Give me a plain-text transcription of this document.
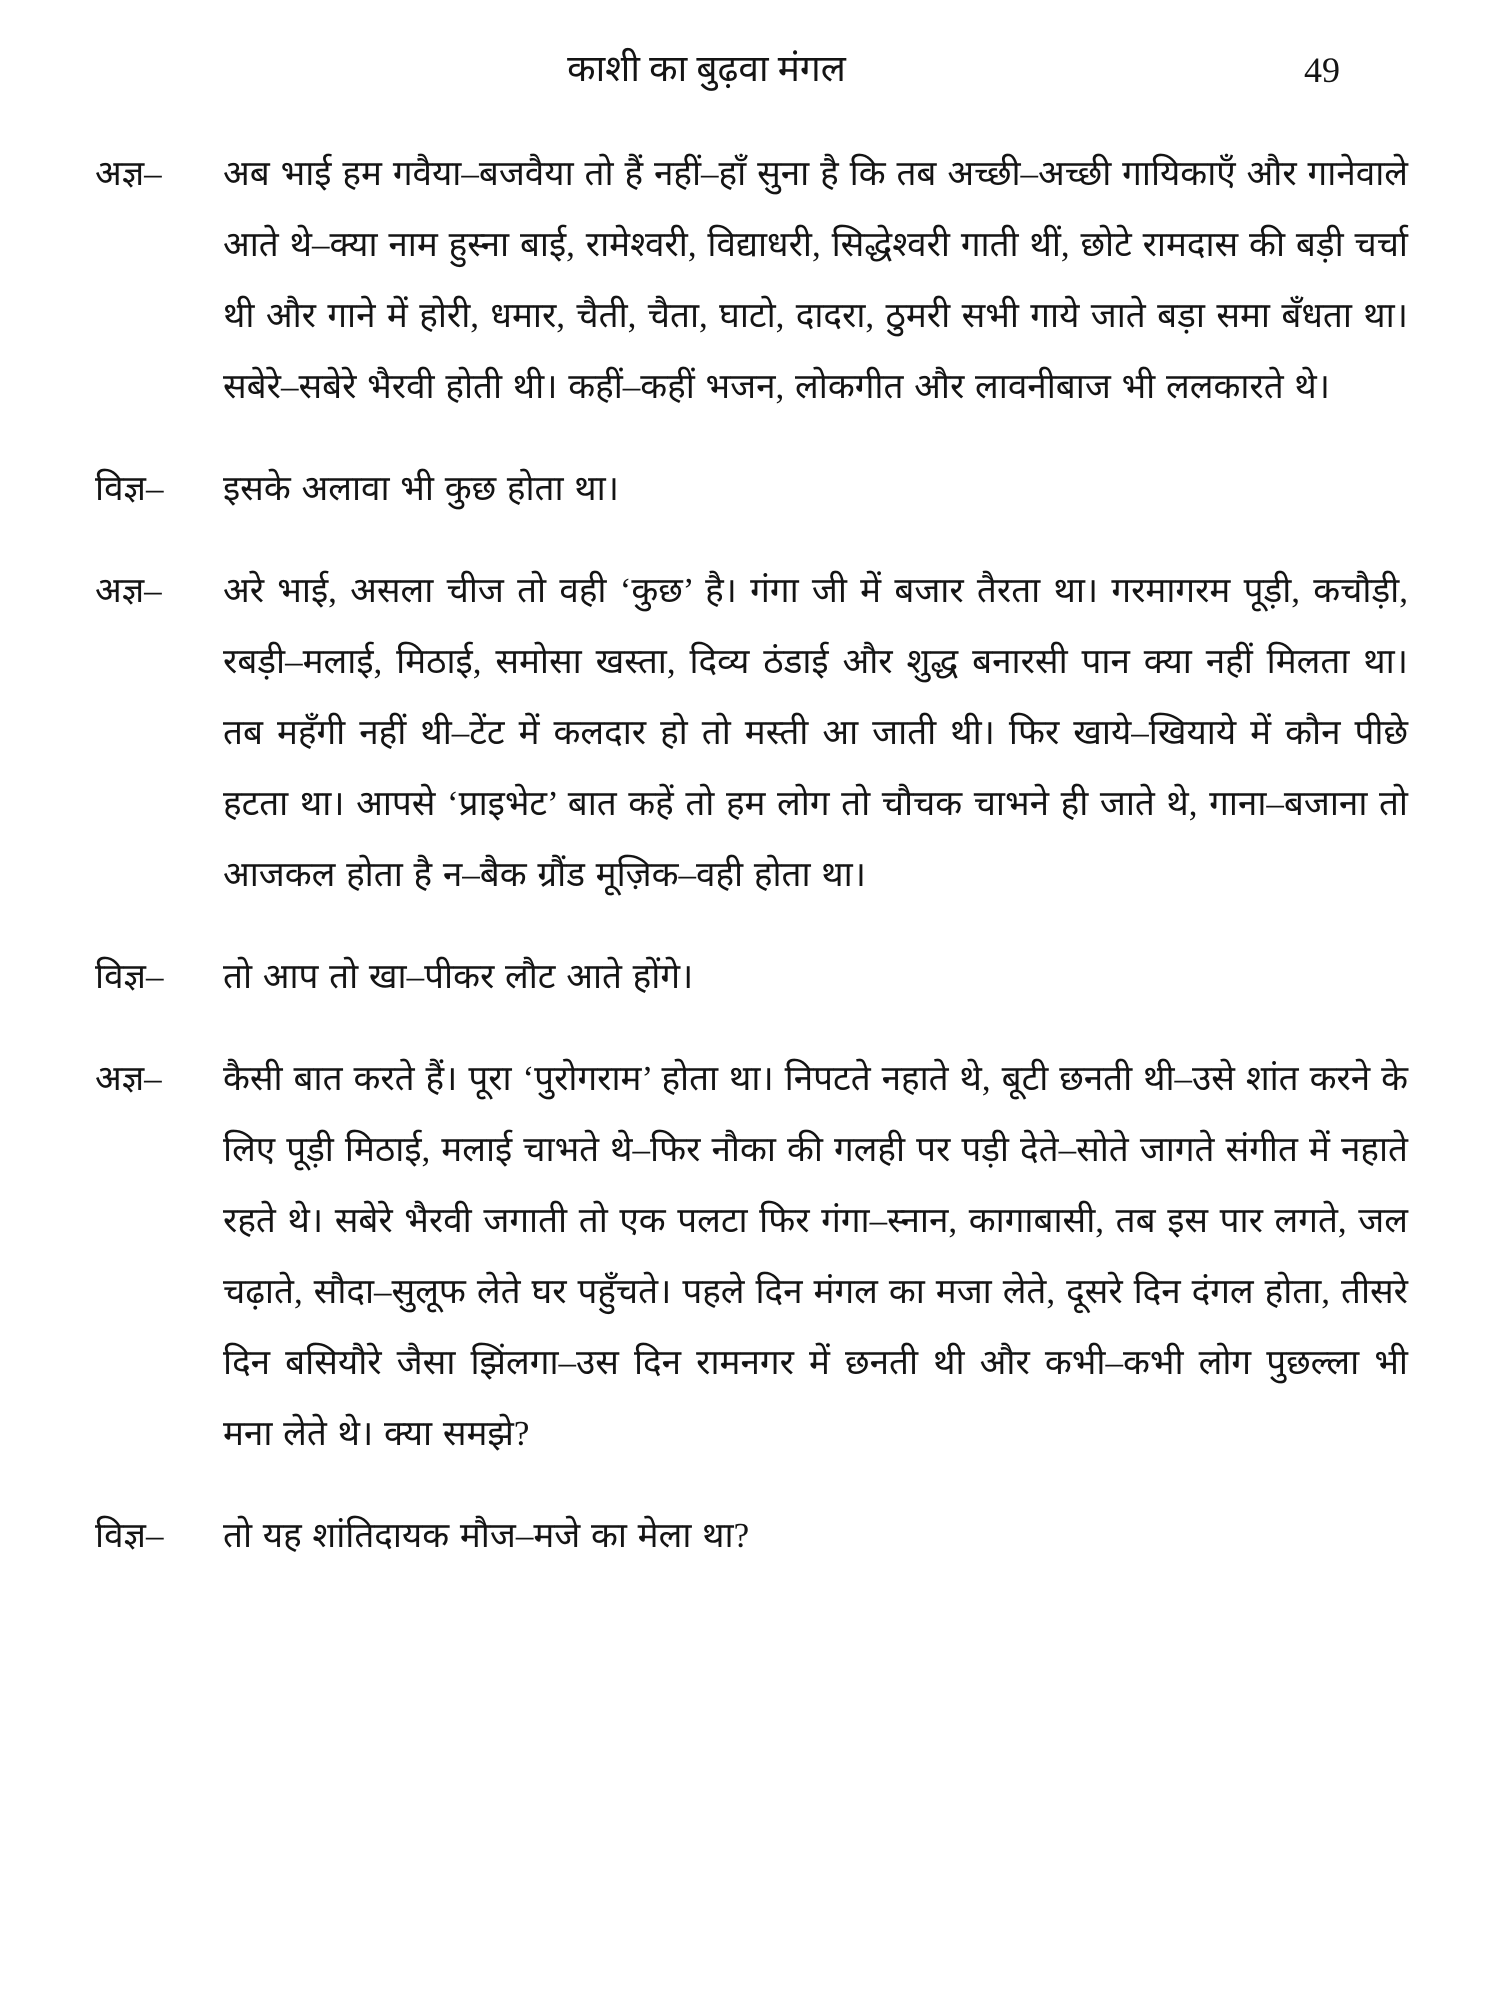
काशी का बुढ़वा मंगल	49
अज्ञ–	अब भाई हम गवैया–बजवैया तो हैं नहीं–हाँ सुना है कि तब अच्छी–अच्छी गायिकाएँ और गानेवाले आते थे–क्या नाम हुस्ना बाई, रामेश्वरी, विद्याधरी, सिद्धेश्वरी गाती थीं, छोटे रामदास की बड़ी चर्चा थी और गाने में होरी, धमार, चैती, चैता, घाटो, दादरा, ठुमरी सभी गाये जाते बड़ा समा बँधता था। सबेरे–सबेरे भैरवी होती थी। कहीं–कहीं भजन, लोकगीत और लावनीबाज भी ललकारते थे।
विज्ञ–	इसके अलावा भी कुछ होता था।
अज्ञ–	अरे भाई, असला चीज तो वही ‘कुछ’ है। गंगा जी में बजार तैरता था। गरमागरम पूड़ी, कचौड़ी, रबड़ी–मलाई, मिठाई, समोसा खस्ता, दिव्य ठंडाई और शुद्ध बनारसी पान क्या नहीं मिलता था। तब महँगी नहीं थी–टेंट में कलदार हो तो मस्ती आ जाती थी। फिर खाये–खियाये में कौन पीछे हटता था। आपसे ‘प्राइभेट’ बात कहें तो हम लोग तो चौचक चाभने ही जाते थे, गाना–बजाना तो आजकल होता है न–बैक ग्रौंड मूज़िक–वही होता था।
विज्ञ–	तो आप तो खा–पीकर लौट आते होंगे।
अज्ञ–	कैसी बात करते हैं। पूरा ‘पुरोगराम’ होता था। निपटते नहाते थे, बूटी छनती थी–उसे शांत करने के लिए पूड़ी मिठाई, मलाई चाभते थे–फिर नौका की गलही पर पड़ी देते–सोते जागते संगीत में नहाते रहते थे। सबेरे भैरवी जगाती तो एक पलटा फिर गंगा–स्नान, कागाबासी, तब इस पार लगते, जल चढ़ाते, सौदा–सुलूफ लेते घर पहुँचते। पहले दिन मंगल का मजा लेते, दूसरे दिन दंगल होता, तीसरे दिन बसियौरे जैसा झिंलगा–उस दिन रामनगर में छनती थी और कभी–कभी लोग पुछल्ला भी मना लेते थे। क्या समझे?
विज्ञ–	तो यह शांतिदायक मौज–मजे का मेला था?
